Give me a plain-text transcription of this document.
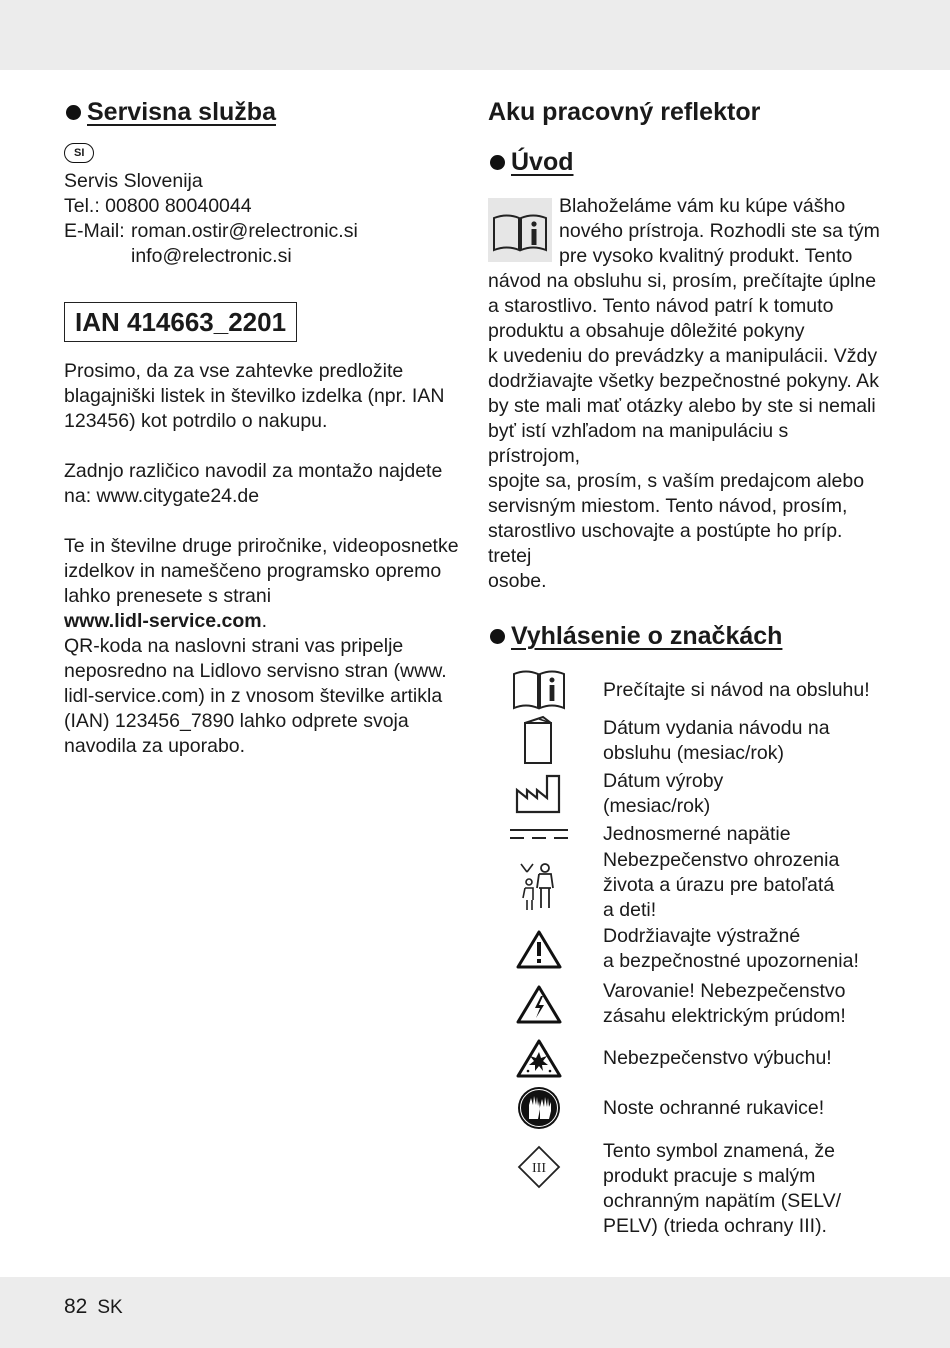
Servisna služba
SI

Servis Slovenija

Tel.: 00800 80040044

E-Mail: roman.ostir@relectronic.si
info@relectronic.si
IAN 414663_2201

Prosimo, da za vse zahtevke predložite blagajniški listek in številko izdelka (npr. IAN 123456) kot potrdilo o nakupu.

Zadnjo različico navodil za montažo najdete na: www.citygate24.de

Te in številne druge priročnike, videoposnetke izdelkov in nameščeno programsko opremo lahko prenesete s strani
www.lidl-service.com.

QR-koda na naslovni strani vas pripelje neposredno na Lidlovo servisno stran (www. lidl-service.com) in z vnosom številke artikla (IAN) 123456_7890 lahko odprete svoja navodila za uporabo.

Aku pracovný reflektor
Úvod

Blahoželáme vám ku kúpe vášho

nového prístroja. Rozhodli ste sa tým

pre vysoko kvalitný produkt. Tento

návod na obsluhu si, prosím, prečítajte úplne

a starostlivo. Tento návod patrí k tomuto

produktu a obsahuje dôležité pokyny

k uvedeniu do prevádzky a manipulácii. Vždy

dodržiavajte všetky bezpečnostné pokyny. Ak

by ste mali mať otázky alebo by ste si nemali

byť istí vzhľadom na manipuláciu s prístrojom,

spojte sa, prosím, s vaším predajcom alebo

servisným miestom. Tento návod, prosím,

starostlivo uschovajte a postúpte ho príp. tretej

osobe.

Vyhlásenie o značkách
Prečítajte si návod na obsluhu!
Dátum vydania návodu na
obsluhu (mesiac/rok)
Dátum výroby
(mesiac/rok)
Jednosmerné napätie
Nebezpečenstvo ohrozenia
života a úrazu pre batoľatá
a deti!
Dodržiavajte výstražné
a bezpečnostné upozornenia!
Varovanie! Nebezpečenstvo
zásahu elektrickým prúdom!
Nebezpečenstvo výbuchu!
Noste ochranné rukavice!
III
Tento symbol znamená, že
produkt pracuje s malým
ochranným napätím (SELV/
PELV) (trieda ochrany III).
82 SK
